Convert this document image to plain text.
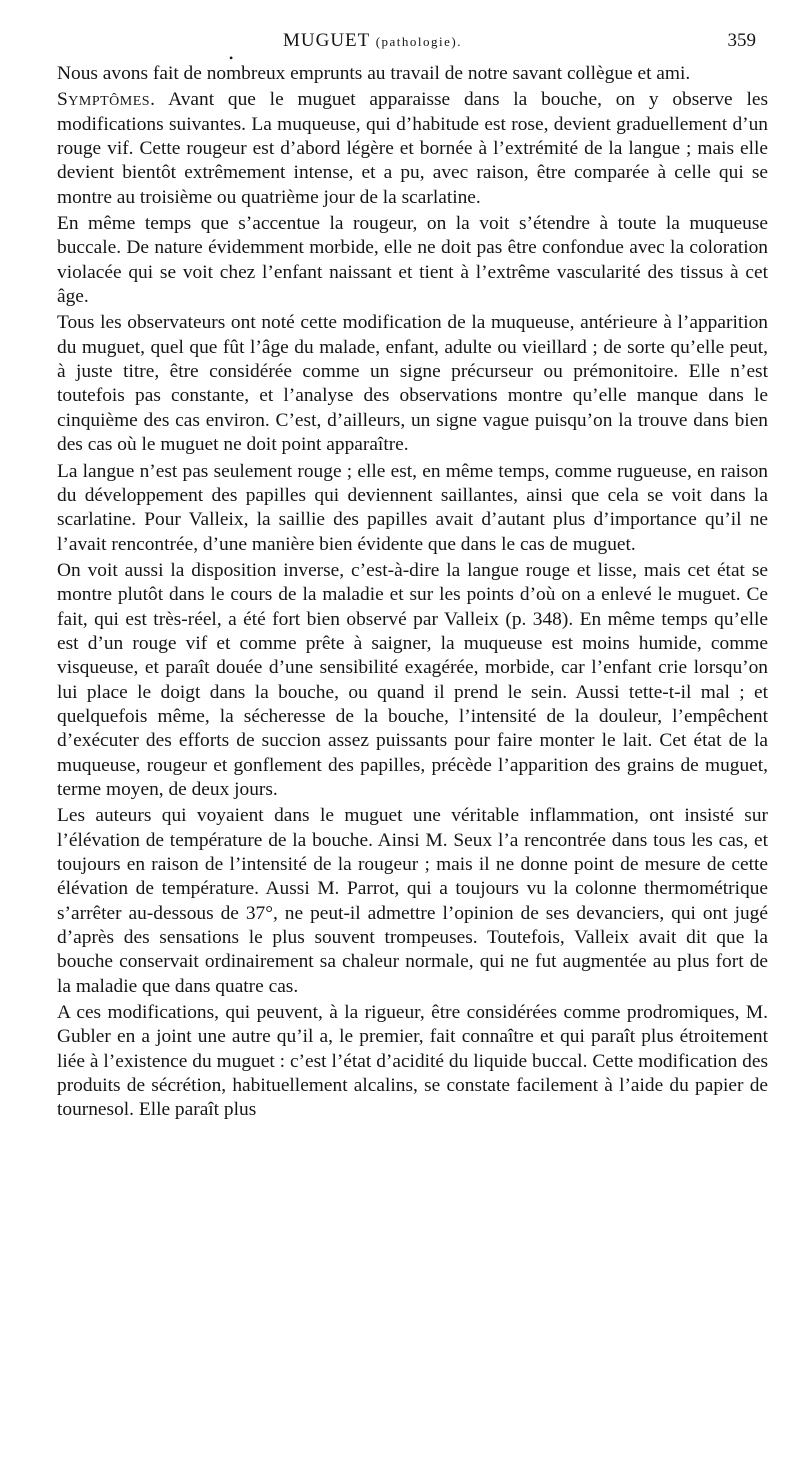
MUGUET (pathologie).
•
359

Nous avons fait de nombreux emprunts au travail de notre savant collègue et ami.

Symptômes. Avant que le muguet apparaisse dans la bouche, on y observe les modifications suivantes. La muqueuse, qui d’habitude est rose, devient graduellement d’un rouge vif. Cette rougeur est d’abord légère et bornée à l’extrémité de la langue ; mais elle devient bientôt extrêmement intense, et a pu, avec raison, être comparée à celle qui se montre au troisième ou quatrième jour de la scarlatine.

En même temps que s’accentue la rougeur, on la voit s’étendre à toute la muqueuse buccale. De nature évidemment morbide, elle ne doit pas être confondue avec la coloration violacée qui se voit chez l’enfant naissant et tient à l’extrême vascularité des tissus à cet âge.

Tous les observateurs ont noté cette modification de la muqueuse, antérieure à l’apparition du muguet, quel que fût l’âge du malade, enfant, adulte ou vieillard ; de sorte qu’elle peut, à juste titre, être considérée comme un signe précurseur ou prémonitoire. Elle n’est toutefois pas constante, et l’analyse des observations montre qu’elle manque dans le cinquième des cas environ. C’est, d’ailleurs, un signe vague puisqu’on la trouve dans bien des cas où le muguet ne doit point apparaître.

La langue n’est pas seulement rouge ; elle est, en même temps, comme rugueuse, en raison du développement des papilles qui deviennent saillantes, ainsi que cela se voit dans la scarlatine. Pour Valleix, la saillie des papilles avait d’autant plus d’importance qu’il ne l’avait rencontrée, d’une manière bien évidente que dans le cas de muguet.

On voit aussi la disposition inverse, c’est-à-dire la langue rouge et lisse, mais cet état se montre plutôt dans le cours de la maladie et sur les points d’où on a enlevé le muguet. Ce fait, qui est très-réel, a été fort bien observé par Valleix (p. 348). En même temps qu’elle est d’un rouge vif et comme prête à saigner, la muqueuse est moins humide, comme visqueuse, et paraît douée d’une sensibilité exagérée, morbide, car l’enfant crie lorsqu’on lui place le doigt dans la bouche, ou quand il prend le sein. Aussi tette-t-il mal ; et quelquefois même, la sécheresse de la bouche, l’intensité de la douleur, l’empêchent d’exécuter des efforts de succion assez puissants pour faire monter le lait. Cet état de la muqueuse, rougeur et gonflement des papilles, précède l’apparition des grains de muguet, terme moyen, de deux jours.

Les auteurs qui voyaient dans le muguet une véritable inflammation, ont insisté sur l’élévation de température de la bouche. Ainsi M. Seux l’a rencontrée dans tous les cas, et toujours en raison de l’intensité de la rougeur ; mais il ne donne point de mesure de cette élévation de température. Aussi M. Parrot, qui a toujours vu la colonne thermométrique s’arrêter au-dessous de 37°, ne peut-il admettre l’opinion de ses devanciers, qui ont jugé d’après des sensations le plus souvent trompeuses. Toutefois, Valleix avait dit que la bouche conservait ordinairement sa chaleur normale, qui ne fut augmentée au plus fort de la maladie que dans quatre cas.

A ces modifications, qui peuvent, à la rigueur, être considérées comme prodromiques, M. Gubler en a joint une autre qu’il a, le premier, fait connaître et qui paraît plus étroitement liée à l’existence du muguet : c’est l’état d’acidité du liquide buccal. Cette modification des produits de sécrétion, habituellement alcalins, se constate facilement à l’aide du papier de tournesol. Elle paraît plus
